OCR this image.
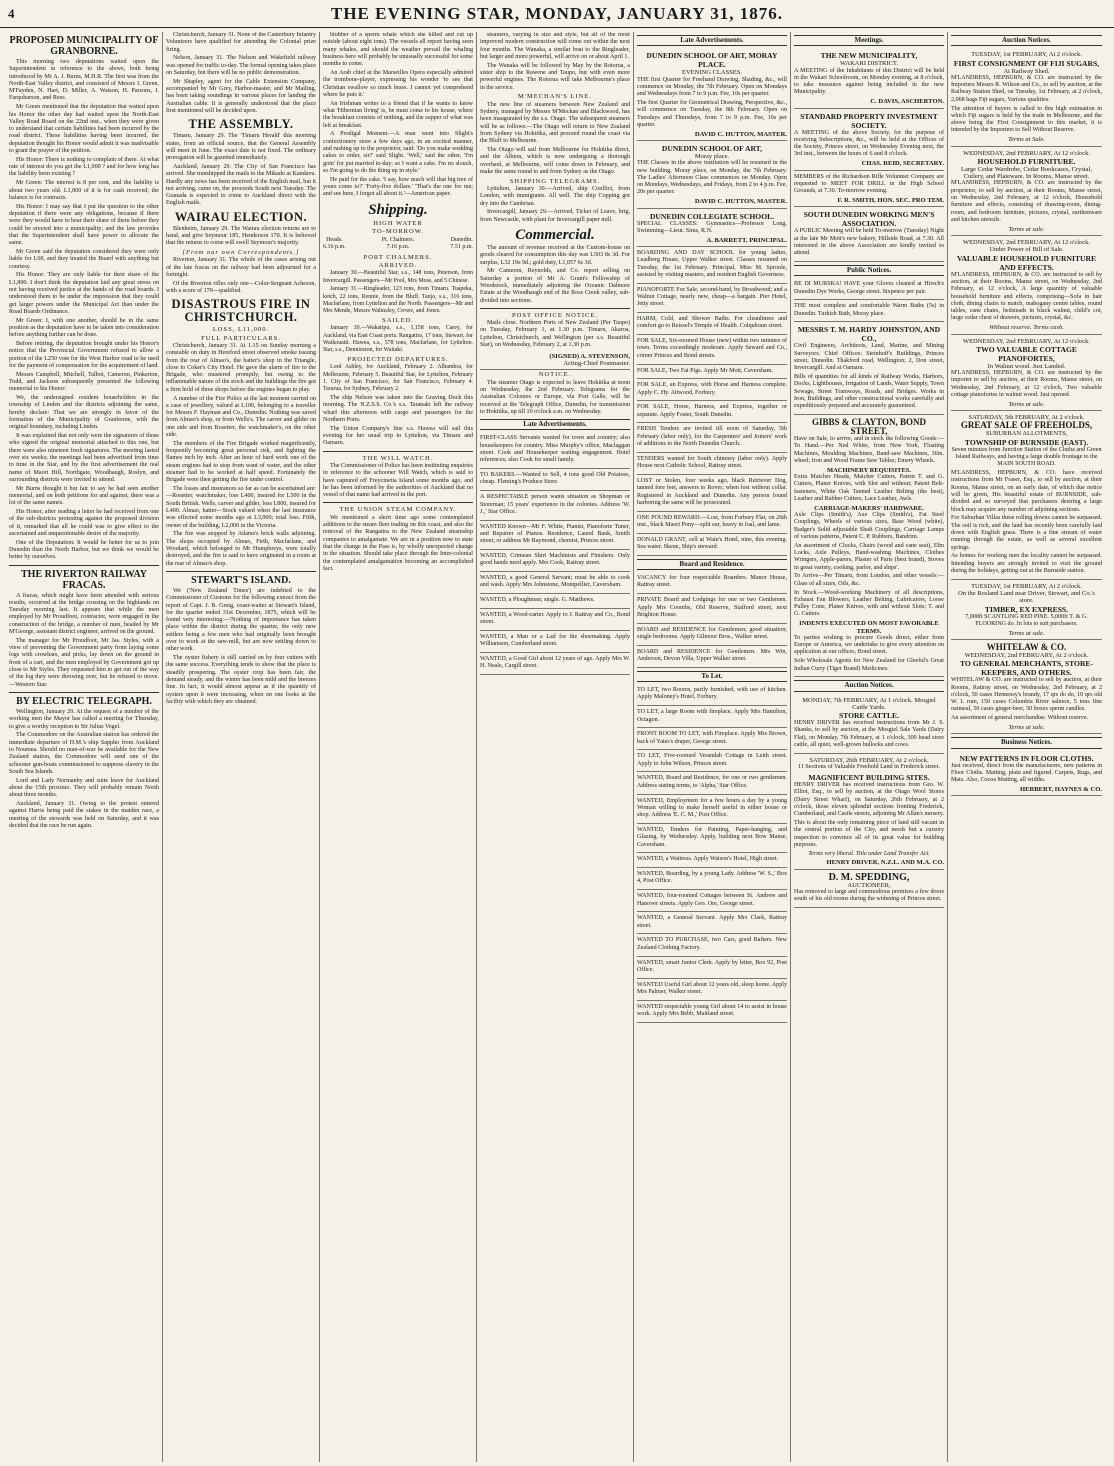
4	THE EVENING STAR, MONDAY, JANUARY 31, 1876.
PROPOSED MUNICIPALITY OF GRANBORNE.

This morning two deputations waited upon the Superintendent in reference to the above, both being introduced by Mr A. J. Burns, M.H.R. The first was from the North-East Valley district, and consisted of Messrs I. Green, M'Fayden, N. Hart, D. Miller, A. Watson, H. Parsons, J. Farquharson, and Rees.

Mr Green mentioned that the deputation that waited upon his Honor the other day had waited upon the North-East Valley Road Board on the 22nd inst., when they were given to understand that certain liabilities had been incurred by the road district. These liabilities having been incurred, the deputation thought his Honor would admit it was inadvisable to grant the prayer of the petition.

His Honor: There is nothing to complain of there. At what rate of interest do you get the L1,000 ? and for how long has the liability been existing ?

Mr Green: The interest is 8 per cent, and the liability is about two years old. L1,800 of it is for cash received; the balance is for contracts.

His Honor: I may say that I put the question to the other deputation if there were any obligations, because if there were they would have to bear their share of them before they could be erected into a municipality; and the law provides that the Superintendent shall have power to allocate the same.

Mr Green said the deputation considered they were only liable for L60, and they treated the Board with anything but courtesy.

His Honor: They are only liable for their share of the L1,800. I don't think the deputation laid any great stress on not having received justice at the hands of the road boards. I understood them to be under the impression that they could get larger powers under the Municipal Act than under the Road Boards Ordinance.

Mr Green: I, with one another, should be in the same position as the deputation have to be taken into consideration before anything further can be done.

Before retiring, the deputation brought under his Honor's notice that the Provincial Government refused to allow a portion of the L250 vote for the West Harbor road to be used for the payment of compensation for the acquirement of land.

Messrs Campbell, Mitchell, Talbot, Cameron, Pinkerton, Todd, and Jackson subsequently presented the following memorial to his Honor:

We, the undersigned resident householders in the township of Linden and the districts adjoining the same, hereby declare: That we are strongly in favor of the formation of the Municipality of Granborne, with the original boundary, including Linden.

It was explained that not only were the signatures of those who signed the original memorial attached to this one, but there were also nineteen fresh signatures. The meeting lasted over six weeks; the meetings had been advertised from time to time in the Star, and by the first advertisement the real name of Maori Hill, Northgate, Woodhaugh, Roslyn, and surrounding districts were invited to attend.

Mr Burns thought it but fair to say he had seen another memorial, and on both petitions for and against, there was a lot of the same names.

His Honor, after reading a letter he had received from one of the sub-districts protesting against the proposed division of it, remarked that all he could was to give effect to the ascertained and unquestionable desire of the majority.

One of the Deputation: It would be better for us to join Dunedin than the North Harbor, but we think we would be better by ourselves.

THE RIVERTON RAILWAY FRACAS.

A fracas, which might have been attended with serious results, occurred at the bridge crossing on the highlands on Tuesday morning last. It appears that while the men employed by Mr Proudfoot, contractor, were engaged in the construction of the bridge, a number of men, headed by Mr M'George, assistant district engineer, arrived on the ground.

The manager for Mr Proudfoot, Mr Jas. Styles, with a view of preventing the Government party from laying some logs with crowbars, and picks, lay down on the ground in front of a cart, and the men employed by Government got up close to Mr Styles. They requested him to get out of the way of the log they were throwing over, but he refused to move.—Western Star.

BY ELECTRIC TELEGRAPH.

Wellington, January 29. At the request of a number of the working men the Mayor has called a meeting for Thursday, to give a worthy reception to Sir Julius Vogel.

The Commodore on the Australian station has ordered the immediate departure of H.M.'s ship Sappho from Auckland to Noumea. Should no man-of-war be available for the New Zealand station, the Commodore will send one of the schooner gun-boats commissioned to suppress slavery in the South Sea Islands.

Lord and Lady Normanby and suite leave for Auckland about the 15th proximo. They will probably remain North about three months.

Auckland, January 31. Owing to the protest entered against Harris being paid the stakes in the maiden race, a meeting of the stewards was held on Saturday, and it was decided that the race be run again.

Christchurch, January 31. None of the Canterbury Infantry Volunteers have qualified for attending the Colonial prize firing.

Nelson, January 31. The Nelson and Wakefield railway was opened for traffic to-day. The formal opening takes place on Saturday, but there will be no public demonstration.

Mr Shapley, agent for the Cable Extension Company, accompanied by Mr Grey, Harbor-master, and Mr Mailing, has been taking soundings in various places for landing the Australian cable. It is generally understood that the place first mentioned will be decided upon.

THE ASSEMBLY.

Timaru, January 29. The 'Timaru Herald' this morning states, from an official source, that the General Assembly will meet in June. The exact date is not fixed. The ordinary prorogation will be gazetted immediately.

Auckland, January 29. The City of San Francisco has arrived. She transhipped the mails to the Mikado at Kandavu. Hardly any news has been received of the English mail, but it not arriving, came on, the proceeds South next Tuesday. The Granada is expected to come to Auckland direct with the English mails.

WAIRAU ELECTION.

Blenheim, January 29. The Wairau election returns are to hand, and give Seymour 185, Henderson 170. It is believed that the returns to come will swell Seymour's majority.

[From our own Correspondents.]

Riverton, January 31. The whole of the cases arising out of the late fracas on the railway had been adjourned for a fortnight.

Of the Riverton rifles only one—Color-Sergeant Acheson, with a score of 170—qualified.

DISASTROUS FIRE IN CHRISTCHURCH.
LOSS, L11,000.
FULL PARTICULARS.

Christchurch, January 31. At 1.15 on Sunday morning a constable on duty in Hereford street observed smoke issuing from the rear of Almao's, the hatter's shop in the Triangle, close to Coker's City Hotel. He gave the alarm of fire to the Brigade, who mustered promptly, but owing to the inflammable nature of the stock and the buildings the fire got a firm hold of three shops before the engines began to play.

A number of the Fire Police at the last moment carried on a case of jewellery, valued at L100, belonging to a traveller for Messrs F. Hayman and Co., Dunedin. Nothing was saved from Almao's shop, or from Wells's. The carver and gilder on one side and from Rosetter, the watchmaker's, on the other side.

The members of the Fire Brigade worked magnificently, frequently becoming great personal risk, and fighting the flames inch by inch. After an hour of hard work one of the steam engines had to stop from want of water, and the other steamer had to be worked at half speed. Fortunately the Brigade were then getting the fire under control.

The losses and insurances so far as can be ascertained are:—Rosetter, watchmaker, loss L400, insured for L500 in the South British. Wells, carver and gilder, loss L800, insured for L400. Almao, hatter—Stock valued when the last insurance was effected some months ago at L3,000; total loss. Fifth, owner of the building, L2,000 in the Victoria.

The fire was stopped by Adams's brick walls adjoining. The shops occupied by Almao, Firth, Macfarlane, and Woodard, which belonged to Mr Humphreys, were totally destroyed, and the fire is said to have originated in a room at the rear of Almao's shop.

STEWART'S ISLAND.

We ('New Zealand Times') are indebted to the Commissioner of Customs for the following extract from the report of Capt. J. B. Greig, coast-waiter at Stewart's Island, for the quarter ended 31st December, 1875, which will be found very interesting:—'Nothing of importance has taken place within the district during the quarter, the only new settlers being a few men who had originally been brought over to work at the saw-mill, but are now settling down to other work.

The oyster fishery is still carried on by four cutters with the same success. Everything tends to show that the place is steadily prospering. The oyster crop has been fair, the demand steady, and the winter has been mild and the breezes fine. In fact, it would almost appear as if the quantity of oysters upon it were increasing, when on one looks at the facility with which they are obtained.

blubber of a sperm whale which she killed and cut up outside (about eight tons). The vessels all report having seen many whales, and should the weather prevail the whaling business here will probably be unusually successful for some months to come.

An Arab chief at the Marseilles Opera especially admired the trombone-player, expressing his wonder 'to see that Christian swallow so much brass. I cannot yet comprehend where he puts it.'

An Irishman writes to a friend that if he wants to know what 'Hibernian living' is, he must come to his house, where the breakfast consists of nothing, and the supper of what was left at breakfast.

A Prodigal Moment.—A man went into Slight's confectionery store a few days ago, in an excited manner, and rushing up to the proprietor, said: 'Do you make wedding cakes to order, sir?' said Slight. 'Well,' said the other, 'I'm goin' for put married to-day; so I want a cake. I'm no slouch, so I'm going to do the thing up in style.'

He paid for the cake. 'I say, how much will that big tree of yours come to?' 'Forty-five dollars.' 'That's the one for me; and see here, I forgot all about it.'—American paper.

Shipping.
HIGH WATER
TO-MORROW.
Heads.
6.16 p.m.
Pt. Chalmers.
7.16 p.m.
Dunedin.
7.51 p.m.
PORT CHALMERS.
ARRIVED.

January 30.—Beautiful Star, s.s., 148 tons, Peterson, from Invercargill. Passengers—Mr Pool, Mrs Moss, and 5 Chinese.

January 31.—Ringleader, 123 tons, from Timaru. Tuapeka, ketch, 22 tons, Rennie, from the Bluff. Tanjo, s.s., 316 tons, Macfarlane, from Lyttelton and the North. Passengers—Mr and Mrs Mende, Messrs Walmsley, Crowe, and Jones.

SAILED.

January 30.—Wakatipu, s.s., 1,158 tons, Carey, for Auckland, via East Coast ports. Rangatira, 17 tons, Stewart, for Waikouaiti. Hawea, s.s., 578 tons, Macfarlane, for Lyttelton. Star, s.s., Dennieston, for Waitaki.

PROJECTED DEPARTURES.

Lord Ashley, for Auckland, February 2. Alhambra, for Melbourne, February 5. Beautiful Star, for Lyttelton, February 1. City of San Francisco, for San Francisco, February 4. Tararua, for Sydney, February 2.

The ship Nelson was taken into the Graving Dock this morning. The N.Z.S.S. Co.'s s.s. Taranaki left the railway wharf this afternoon with cargo and passengers for the Northern Ports.

The Union Company's fine s.s. Hawea will sail this evening for her usual trip to Lyttelton, via Timaru and Oamaru.

THE WILL WATCH.

The Commissioner of Police has been instituting enquiries in reference to the schooner Will Watch, which is said to have captured off Freycinetia Island some months ago, and he has been informed by the authorities of Auckland that no vessel of that name had arrived in the port.

THE UNION STEAM COMPANY.

We mentioned a short time ago some contemplated additions to the steam fleet trading on this coast, and also the removal of the Rangatira to the New Zealand steamship companies to amalgamate. We are in a position now to state that the change in the Pass is, by wholly unexpected change in the situation. Should take place through the Inter-colonial the contemplated amalgamation becoming an accomplished fact.

steamers, varying in size and style, but all of the most improved modern construction will come out within the next four months. The Wanaka, a similar boat to the Ringleader, but larger and more powerful, will arrive on or about April 1.

The Wanaka will be followed by May by the Rotorua, a sister ship to the Rawene and Taupo, but with even more powerful engines. The Rotorua will take Melbourne's place in the service.

M'MECHAN'S LINE.

The new line of steamers between New Zealand and Sydney, managed by Messrs M'Meckan and Blackwood, has been inaugurated by the s.s. Otago. The subsequent steamers will be as follows:—The Otago will return to New Zealand from Sydney via Hokitika, and proceed round the coast via the Bluff to Melbourne.

The Otago will sail from Melbourne for Hokitika direct, and the Albion, which is now undergoing a thorough overhaul, at Melbourne, will come down in February, and make the same round to and from Sydney as the Otago.

SHIPPING TELEGRAMS.

Lyttelton, January 30.—Arrived, ship Conflict, from London, with immigrants. All well. The ship Copping got dry into the Cambrian.

Invercargill, January 29.—Arrived, Ticket of Leave, brig, from Newcastle, with plant for Invercargill paper mill.

Commercial.

The amount of revenue received at the Custom-house on goods cleared for consumption this day was L503 8s 3d. For surplus, L32 19s 9d.; gold duty, L1,057 6s 3d.

Mr Cameron, Reynolds, and Co. report selling on Saturday a portion of Mr A. Grant's Fellowship of Woodstock, immediately adjoining the Oceanic Dalmore Estate at the Woodhaugh end of the Ross Creek valley, sub-divided into sections.

POST OFFICE NOTICE.

Mails close. Northern Ports of New Zealand (Per Taupo) on Tuesday, February 1, at 1.30 p.m. Timaru, Akaroa, Lyttelton, Christchurch, and Wellington (per s.s. Beautiful Star), on Wednesday, February 2, at 1.30 p.m.

(SIGNED) A. STEVENSON,
Acting-Chief Postmaster.
NOTICE.

The steamer Otago is expected to leave Hokitika at noon on Wednesday, the 2nd February. Telegrams for the Australian Colonies or Europe, via Port Galle, will be received at the Telegraph Office, Dunedin, for transmission to Hokitika, up till 10 o'clock a.m. on Wednesday.

Late Advertisements.

FIRST-CLASS Servants wanted for town and country; also housekeepers for country. Miss Murphy's office, Maclaggan street. Cook and Housekeeper waiting engagement. Hotel references; also Cook for small family.

TO BAKERS.—Wanted to Sell, 4 tons good Old Potatoes, cheap. Fleming's Produce Store.

A RESPECTABLE person wants situation as Shopman or Storeman; 15 years' experience in the colonies. Address 'W. J.,' Star Office.

WANTED Known—Mr F. White, Pianist, Pianoforte Tuner, and Repairer of Pianos. Residence, Laurel Bank, Smith street; or address Mr Raymond, chemist, Princes street.

WANTED, Crimean Shirt Machinists and Finishers. Only good hands need apply. Mrs Cook, Rattray street.

WANTED, a good General Servant; must be able to cook and wash. Apply Mrs Johnstone, Montpellier, Caversham.

WANTED, a Ploughman; single. G. Matthews.

WANTED, a Wood-carter. Apply to J. Rattray and Co., Bond street.

WANTED, a Man or a Lad for the shoemaking. Apply Williamson, Cumberland street.

WANTED, a Good Girl about 12 years of age. Apply Mrs W. H. Neale, Cargill street.

Late Advertisements.
DUNEDIN SCHOOL OF ART, MORAY PLACE.
EVENING CLASSES.

THE first Quarter for Freehand Drawing, Shading, &c., will commence on Monday, the 7th February. Open on Mondays and Wednesdays from 7 to 9 p.m. Fee, 10s per quarter.

The first Quarter for Geometrical Drawing, Perspective, &c., will commence on Tuesday, the 8th February. Open on Tuesdays and Thursdays, from 7 to 9 p.m. Fee, 10s per quarter.

DAVID C. HUTTON, MASTER.
DUNEDIN SCHOOL OF ART,
Moray place.

THE Classes in the above institution will be resumed in the new building, Moray place, on Monday, the 7th February. The Ladies' Afternoon Class commences on Monday. Open on Mondays, Wednesdays, and Fridays, from 2 to 4 p.m. Fee, 20s per quarter.

DAVID C. HUTTON, MASTER.
DUNEDIN COLLEGIATE SCHOOL.

SPECIAL CLASSES: Gymnastics—Professor Long. Swimming—Lieut. Sims, R.N.

A. BARRETT, PRINCIPAL.

BOARDING AND DAY SCHOOL for young ladies, Leadberg House, Upper Walker street. Classes resumed on Tuesday, the 1st February. Principal, Miss M. Sproule, assisted by visiting masters, and resident English Governess.

PIANOFORTE For Sale, second-hand, by Broadwood; and a Walnut Cottage, nearly new, cheap—a bargain. Pier Hotel, Jetty street.

HARM, Cold, and Shower Baths. For cleanliness and comfort go to Reissel's Temple of Health. Colquhoun street.

FOR SALE, Six-roomed House (new) within two minutes of town. Terms exceedingly moderate. Apply Seward and Co., corner Princes and Bond streets.

FOR SALE, Two Fat Pigs. Apply Mr Mott, Caversham.

FOR SALE, an Express, with Horse and Harness complete. Apply C. Hy. Attwood, Forbury.

FOR SALE, Horse, Harness, and Express, together or separate. Apply Foster, South Dunedin.

FRESH Tenders are invited till noon of Saturday, 5th February (labor only), for the Carpenters' and Joiners' work of additions to the North Dunedin Church.

TENDERS wanted for South chimney (labor only). Apply House next Catholic School, Rattray street.

LOST or Stolen, four weeks ago, black Retriever Dog, tanned fore feet, answers to Rover; when lost without collar. Registered in Auckland and Dunedin. Any person found harboring the same will be prosecuted.

ONE POUND REWARD.—Lost, from Forbury Flat, on 26th inst., black Maori Pony—split ear, heavy in foal, and lame.

DONALD GRANT, cell at Wain's Hotel, nine, this evening. Sea water. Skene, Ship's steward.

Board and Residence.

VACANCY for four respectable Boarders. Manor House, Rattray street.

PRIVATE Board and Lodgings for one or two Gentlemen. Apply Mrs Coombs, Old Reserve, Stafford street, next Brighton House.

BOARD and RESIDENCE for Gentlemen; good situation; single bedrooms. Apply Gilmour Bros., Walker street.

BOARD and RESIDENCE for Gentlemen. Mrs Win, Anderson, Devon Villa, Upper Walker street.

To Let.

TO LET, two Rooms, partly furnished, with use of kitchen. Apply Maloney's Hotel, Forbury.

TO LET, a large Room with fireplace. Apply Mrs Hamilton, Octagon.

FRONT ROOM TO LET, with Fireplace. Apply Mrs Brown, back of Yates's draper, George street.

TO LET, Five-roomed Verandah Cottage in Leith street. Apply to John Wilson, Princes street.

WANTED, Board and Residence, for one or two gentlemen. Address stating terms, to 'Alpha,' Star Office.

WANTED, Employment for a few hours a day by a young Woman willing to make herself useful in either house or shop. Address 'E. C. M.,' Post Office.

WANTED, Tenders for Painting, Paper-hanging, and Glazing, by Wednesday. Apply, building next Bow Manse, Caversham.

WANTED, a Waitress. Apply Watson's Hotel, High street.

WANTED, Boarding, by a young Lady. Address 'W. S.,' Box 4, Post Office.

WANTED, four-roomed Cottages between St. Andrew and Hanover streets. Apply Geo. Ore, George street.

WANTED, a General Servant. Apply Mrs Clark, Rattray street.

WANTED TO PURCHASE, two Cars, good Rafters. New Zealand Clothing Factory.

WANTED, smart Junior Clerk. Apply by letter, Box 92, Post Office.

WANTED Useful Girl about 12 years old, sleep home. Apply Mrs Palmer, Walker street.

WANTED respectable young Girl about 14 to assist in house work. Apply Mrs Bebb, Maitland street.

Meetings.
THE NEW MUNICIPALITY,
WAKARI DISTRICT.

A MEETING of the Inhabitants of this District will be held in the Wakari Schoolroom, on Monday evening, at 8 o'clock, to take measures against being included in the new Municipality.

C. DAVIS, ASCHERTON.
STANDARD PROPERTY INVESTMENT SOCIETY.

A MEETING of the above Society, for the purpose of receiving Subscriptions, &c., will be held at the Offices of the Society, Princes street, on Wednesday Evening next, the 3rd inst., between the hours of 6 and 8 o'clock.

CHAS. REID, SECRETARY.

MEMBERS of the Richardson Rifle Volunteer Company are requested to MEET FOR DRILL in the High School Grounds, at 7.30. To-morrow evening.

F. R. SMITH, HON. SEC. PRO TEM.
SOUTH DUNEDIN WORKING MEN'S ASSOCIATION.

A PUBLIC Meeting will be held To-morrow (Tuesday) Night at the late Mr Mott's new bakery, Hillside Road, at 7.30. All interested in the above Association are kindly invited to attend.

Public Notices.

BE DI MURSKA! HAVE your Gloves cleaned at Hirsch's Dunedin Dye Works, George street. Sixpence per pair.

THE most complete and comfortable Warm Baths (5s) in Dunedin. Turkish Bath, Moray place.

MESSRS T. M. HARDY JOHNSTON, AND CO.,

Civil Engineers, Architects, Land, Marine, and Mining Surveyors. Chief Offices: Steinhoff's Buildings, Princes street, Dunedin. Thakford road, Wellington; 2, Don street, Invercargill. And at Oamaru.

Bills of quantities for all kinds of Railway Works, Harbors, Docks, Lighthouses, Irrigation of Lands, Water Supply, Town Sewage, Street Tramways, Roads, and Bridges. Works in Iron, Buildings, and other constructional works carefully and expeditiously prepared and accurately guaranteed.

GIBBS & CLAYTON, BOND STREET,

Have on Sale, to arrive, and in stock the following Goods:— To Hand.—Per Ned White, from New York, Floating Machines, Moulding Machines, Band-saw Machines, 36in. wheel; Iron and Wood Frame Saw Tables; Emery Wheels.

MACHINERY REQUISITES.

Extra Matcher Heads, Matcher Cutters, Patent T. and G. Cutters, Planer Knives, with Slot and without; Patent Belt-fasteners, White Oak Tanned Leather Belting (the best), Leather and Rubber Cutters, Lace Leather, Awls.

CARRIAGE-MAKERS' HARDWARE.

Axle Clips (Smith's), Axe Clips (Smith's), Fat Steel Couplings, Wheels of various sizes, Base Wood (white), Badger's Solid adjustable Shaft Couplings, Carriage Lamps of various patterns, Patent C. P. Rubbers, Bandrim.

An assortment of Clocks, Chairs (wood and cane seat), Elm Locks, Axle Pulleys, Hand-washing Machines, Clothes Wringers, Apple-parers, Plaster of Paris (best brand), Stoves in great variety, cooking, parlor, and ships'.

To Arrive—Per Timaru, from London, and other vessels:— Glass of all sizes, Oils, &c.

In Stock.—Wood-working Machinery of all descriptions, Exhaust Fan Blowers, Leather Belting, Lubricators, Loose Pulley Cone, Planer Knives, with and without Slots; T. and G. Cutters.

INDENTS EXECUTED ON MOST FAVORABLE TERMS.

To parties wishing to procure Goods direct, either from Europe or America, we undertake to give every attention on application at our offices, Bond street.

Sole Wholesale Agents for New Zealand for Gleeful's Great Indian Curry (Tiger Brand) Medicines.

Auction Notices.
MONDAY, 7th FEBRUARY, At 1 o'clock. Mosgiel Cattle Yards.
STORE CATTLE.

HENRY DRIVER has received instructions from Mr J. S. Shanks, to sell by auction, at the Mosgiel Sale Yards (Dairy Flat), on Monday, 7th February, at 1 o'clock, 300 head store cattle, all quiet, well-grown bullocks and cows.

SATURDAY, 26th FEBRUARY, At 2 o'clock.

11 Sections of Valuable Freehold Land in Frederick street.

MAGNIFICENT BUILDING SITES.

HENRY DRIVER has received instructions from Geo. W. Elliot, Esq., to sell by auction, at the Otago Wool Stores (Dairy Street Wharf), on Saturday, 26th February, at 2 o'clock, those eleven splendid sections fronting Frederick, Cumberland, and Castle streets, adjoining Mr Allan's nursery.

This is about the only remaining piece of land still vacant in the central portion of the City, and needs but a cursory inspection to convince all of its great value for building purposes.

Terms very liberal. Title under Land Transfer Act.

HENRY DRIVER, N.Z.L. AND M.A. CO.
D. M. SPEDDING,
AUCTIONEER,

Has removed to large and commodious premises a few doors south of his old rooms during the widening of Princes street.

Auction Notices.
TUESDAY, 1st FEBRUARY, At 2 o'clock.
FIRST CONSIGNMENT OF FIJI SUGARS,
At Railway Shed.

M'LANDRESS, HEPBURN, & CO. are instructed by the Importers Messrs R. Wilson and Co., to sell by auction, at the Railway Station Shed, on Tuesday, 1st February, at 2 o'clock, 2,068 bags Fiji sugars, Various qualities.

The attention of buyers is called to this high estimation in which Fiji sugars is held by the trade in Melbourne, and the above being the First Consignment to this market, it is intended by the Importers to Sell Without Reserve.

Terms at Sale.
WEDNESDAY, 2nd FEBRUARY, At 12 o'clock.
HOUSEHOLD FURNITURE.
Large Cedar Wardrobe, Cedar Bookcases, Crystal, Cutlery, and Plateware. In Rooms, Manse street.

M'LANDRESS, HEPBURN, & CO. are instructed by the proprietor, to sell by auction, at their Rooms, Manse street, on Wednesday, 2nd February, at 12 o'clock, Household furniture and effects, consisting of drawing-room, dining-room, and bedroom furniture, pictures, crystal, earthenware and kitchen utensils.

Terms at sale.
WEDNESDAY, 2nd FEBRUARY, At 12 o'clock.
Under Power of Bill of Sale.
VALUABLE HOUSEHOLD FURNITURE AND EFFECTS.

M'LANDRESS, HEPBURN, & CO. are instructed to sell by auction, at their Rooms, Manse street, on Wednesday, 2nd February, at 12 o'clock, A large quantity of valuable household furniture and effects, comprising—Sofa in hair cloth, dining chairs to match, mahogany centre tables, round tables, cane chairs, bedsteads in black walnut, child's cot, large cedar chest of drawers, pictures, crystal, &c.

Without reserve. Terms cash.
WEDNESDAY, 2nd FEBRUARY, At 12 o'clock.
TWO VALUABLE COTTAGE PIANOFORTES,
In Walnut wood. Just Landed.

M'LANDRESS, HEPBURN, & CO. are instructed by the importer to sell by auction, at their Rooms, Manse street, on Wednesday, 2nd February, at 12 o'clock, Two valuable cottage pianofortes in walnut wood. Just opened.

Terms at sale.
SATURDAY, 5th FEBRUARY, At 2 o'clock.
GREAT SALE OF FREEHOLDS,
SUBURBAN ALLOTMENTS,
TOWNSHIP OF BURNSIDE (EAST).

Seven minutes from Junction Station of the Clutha and Green Island Railways, and having a large double frontage to the MAIN SOUTH ROAD.

M'LANDRESS, HEPBURN, & CO. have received instructions from Mr Fraser, Esq., to sell by auction, at their Rooms, Manse street, on an early date, of which due notice will be given, His beautiful estate of BURNSIDE, sub-divided and so surveyed that purchasers desiring a large block may acquire any number of adjoining sections.

For Suburban Villas these rolling downs cannot be surpassed. The soil is rich, and the land has recently been carefully laid down with English grass. There is a fine stream of water running through the estate, as well as several excellent springs.

As homes for working men the locality cannot be surpassed. Intending buyers are strongly invited to visit the ground during the holidays, getting out at the Burnside station.

TUESDAY, 1st FEBRUARY, At 2 o'clock.
On the Rosland Land near Driver, Stewart, and Co.'s store.
TIMBER, EX EXPRESS.

7,000ft SCANTLING RED PINE. 5,000ft T. & G. FLOORING do. In lots to suit purchasers.

Terms at sale.
WHITELAW & CO.
WEDNESDAY, 2nd FEBRUARY, At 2 o'clock.
TO GENERAL MERCHANTS, STORE-KEEPERS, AND OTHERS.

WHITELAW & CO. are instructed to sell by auction, at their Rooms, Rattray street, on Wednesday, 2nd February, at 2 o'clock, 50 cases Hennessy's brandy, 17 qrs do do, 10 qrs old W. I. rum, 150 cases Columbia River salmon, 5 tons fine oatmeal, 50 cases ginger-beer, 50 boxes sperm candles.

An assortment of general merchandise. Without reserve.

Terms at sale.
Business Notices.
NEW PATTERNS IN FLOOR CLOTHS.

Just received, direct from the manufacturers, new patterns in Floor Cloths. Matting, plain and figured. Carpets, Rugs, and Mats. Also, Cocoa Matting, all widths.

HERBERT, HAYNES & CO.
